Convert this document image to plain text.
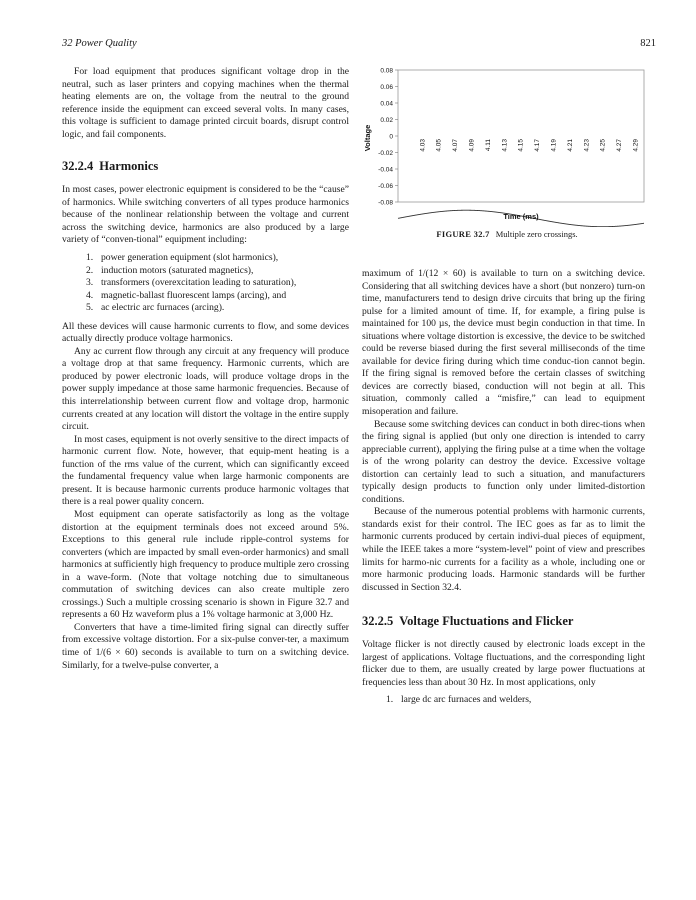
32 Power Quality	821

For load equipment that produces significant voltage drop in the neutral, such as laser printers and copying machines when the thermal heating elements are on, the voltage from the neutral to the ground reference inside the equipment can exceed several volts. In many cases, this voltage is sufficient to damage printed circuit boards, disrupt control logic, and fail components.

32.2.4 Harmonics

In most cases, power electronic equipment is considered to be the “cause” of harmonics. While switching converters of all types produce harmonics because of the nonlinear relationship between the voltage and current across the switching device, harmonics are also produced by a large variety of “conven-tional” equipment including:

1. power generation equipment (slot harmonics),
2. induction motors (saturated magnetics),
3. transformers (overexcitation leading to saturation),
4. magnetic-ballast fluorescent lamps (arcing), and
5. ac electric arc furnaces (arcing).

All these devices will cause harmonic currents to flow, and some devices actually directly produce voltage harmonics.

Any ac current flow through any circuit at any frequency will produce a voltage drop at that same frequency. Harmonic currents, which are produced by power electronic loads, will produce voltage drops in the power supply impedance at those same harmonic frequencies. Because of this interrelationship between current flow and voltage drop, harmonic currents created at any location will distort the voltage in the entire supply circuit.

In most cases, equipment is not overly sensitive to the direct impacts of harmonic current flow. Note, however, that equip-ment heating is a function of the rms value of the current, which can significantly exceed the fundamental frequency value when large harmonic components are present. It is because harmonic currents produce harmonic voltages that there is a real power quality concern.

Most equipment can operate satisfactorily as long as the voltage distortion at the equipment terminals does not exceed around 5%. Exceptions to this general rule include ripple-control systems for converters (which are impacted by small even-order harmonics) and small harmonics at sufficiently high frequency to produce multiple zero crossing in a wave-form. (Note that voltage notching due to simultaneous commutation of switching devices can also create multiple zero crossings.) Such a multiple crossing scenario is shown in Figure 32.7 and represents a 60 Hz waveform plus a 1% voltage harmonic at 3,000 Hz.

Converters that have a time-limited firing signal can directly suffer from excessive voltage distortion. For a six-pulse conver-ter, a maximum time of 1/(6 × 60) seconds is available to turn on a switching device. Similarly, for a twelve-pulse converter, a

0.08
0.06
0.04
0.02
0
-0.02
-0.04
-0.06
-0.08
4.03 4.05 4.07 4.09 4.11 4.13 4.15 4.17 4.19 4.21 4.23 4.25 4.27 4.29
Voltage
Time (ms)
FIGURE 32.7 Multiple zero crossings.

maximum of 1/(12 × 60) is available to turn on a switching device. Considering that all switching devices have a short (but nonzero) turn-on time, manufacturers tend to design drive circuits that bring up the firing pulse for a limited amount of time. If, for example, a firing pulse is maintained for 100 µs, the device must begin conduction in that time. In situations where voltage distortion is excessive, the device to be switched could be reverse biased during the first several milliseconds of the time available for device firing during which time conduc-tion cannot begin. If the firing signal is removed before the certain classes of switching devices are correctly biased, conduction will not begin at all. This situation, commonly called a “misfire,” can lead to equipment misoperation and failure.

Because some switching devices can conduct in both direc-tions when the firing signal is applied (but only one direction is intended to carry appreciable current), applying the firing pulse at a time when the voltage is of the wrong polarity can destroy the device. Excessive voltage distortion can certainly lead to such a situation, and manufacturers typically design products to function only under limited-distortion conditions.

Because of the numerous potential problems with harmonic currents, standards exist for their control. The IEC goes as far as to limit the harmonic currents produced by certain indivi-dual pieces of equipment, while the IEEE takes a more “system-level” point of view and prescribes limits for harmo-nic currents for a facility as a whole, including one or more harmonic producing loads. Harmonic standards will be further discussed in Section 32.4.

32.2.5 Voltage Fluctuations and Flicker

Voltage flicker is not directly caused by electronic loads except in the largest of applications. Voltage fluctuations, and the corresponding light flicker due to them, are usually created by large power fluctuations at frequencies less than about 30 Hz. In most applications, only

1. large dc arc furnaces and welders,
